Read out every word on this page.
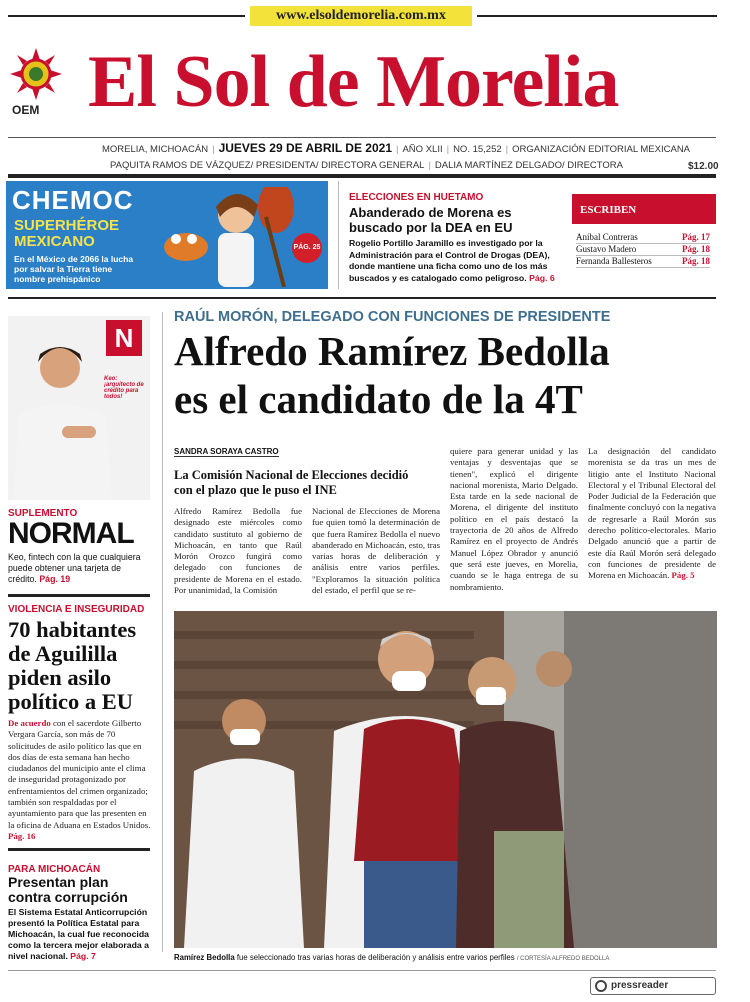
www.elsoldemorelia.com.mx
OEM El Sol de Morelia
MORELIA, MICHOACÁN | JUEVES 29 DE ABRIL DE 2021 | AÑO XLII | NO. 15,252 | ORGANIZACIÓN EDITORIAL MEXICANA
PAQUITA RAMOS DE VÁZQUEZ/ PRESIDENTA/ DIRECTORA GENERAL | DALIA MARTÍNEZ DELGADO/ DIRECTORA	$12.00
CHEMOC
SUPERHÉROE
MEXICANO
En el México de 2066 la lucha por salvar la Tierra tiene nombre prehispánico
PÁG. 25
ELECCIONES EN HUETAMO
Abanderado de Morena es buscado por la DEA en EU
Rogelio Portillo Jaramillo es investigado por la Administración para el Control de Drogas (DEA), donde mantiene una ficha como uno de los más buscados y es catalogado como peligroso. Pág. 6
ESCRIBEN
Aníbal Contreras	Pág. 17
Gustavo Madero	Pág. 18
Fernanda Ballesteros	Pág. 18
N
Keo: ¡arquitecto de crédito para todos!
SUPLEMENTO
NORMAL
Keo, fintech con la que cualquiera puede obtener una tarjeta de crédito. Pág. 19
VIOLENCIA E INSEGURIDAD
70 habitantes de Aguililla piden asilo político a EU
De acuerdo con el sacerdote Gilberto Vergara García, son más de 70 solicitudes de asilo político las que en dos días de esta semana han hecho ciudadanos del municipio ante el clima de inseguridad protagonizado por enfrentamientos del crimen organizado; también son respaldadas por el ayuntamiento para que las presenten en la oficina de Aduana en Estados Unidos. Pág. 16
PARA MICHOACÁN
Presentan plan contra corrupción
El Sistema Estatal Anticorrupción presentó la Política Estatal para Michoacán, la cual fue reconocida como la tercera mejor elaborada a nivel nacional. Pág. 7
RAÚL MORÓN, DELEGADO CON FUNCIONES DE PRESIDENTE
Alfredo Ramírez Bedolla
es el candidato de la 4T
SANDRA SORAYA CASTRO
La Comisión Nacional de Elecciones decidió con el plazo que le puso el INE
Alfredo Ramírez Bedolla fue designado este miércoles como candidato sustituto al gobierno de Michoacán, en tanto que Raúl Morón Orozco fungirá como delegado con funciones de presidente de Morena en el estado. Por unanimidad, la Comisión
Nacional de Elecciones de Morena fue quien tomó la determinación de que fuera Ramírez Bedolla el nuevo abanderado en Michoacán, esto, tras varias horas de deliberación y análisis entre varios perfiles. "Exploramos la situación política del estado, el perfil que se re-
quiere para generar unidad y las ventajas y desventajas que se tienen", explicó el dirigente nacional morenista, Mario Delgado. Esta tarde en la sede nacional de Morena, el dirigente del instituto político en el país destacó la trayectoria de 20 años de Alfredo Ramírez en el proyecto de Andrés Manuel López Obrador y anunció que será este jueves, en Morelia, cuando se le haga entrega de su nombramiento.
La designación del candidato morenista se da tras un mes de litigio ante el Instituto Nacional Electoral y el Tribunal Electoral del Poder Judicial de la Federación que finalmente concluyó con la negativa de regresarle a Raúl Morón sus derecho político-electorales. Mario Delgado anunció que a partir de este día Raúl Morón será delegado con funciones de presidente de Morena en Michoacán. Pág. 5
Ramírez Bedolla fue seleccionado tras varias horas de deliberación y análisis entre varios perfiles / CORTESÍA ALFREDO BEDOLLA
pressreader
